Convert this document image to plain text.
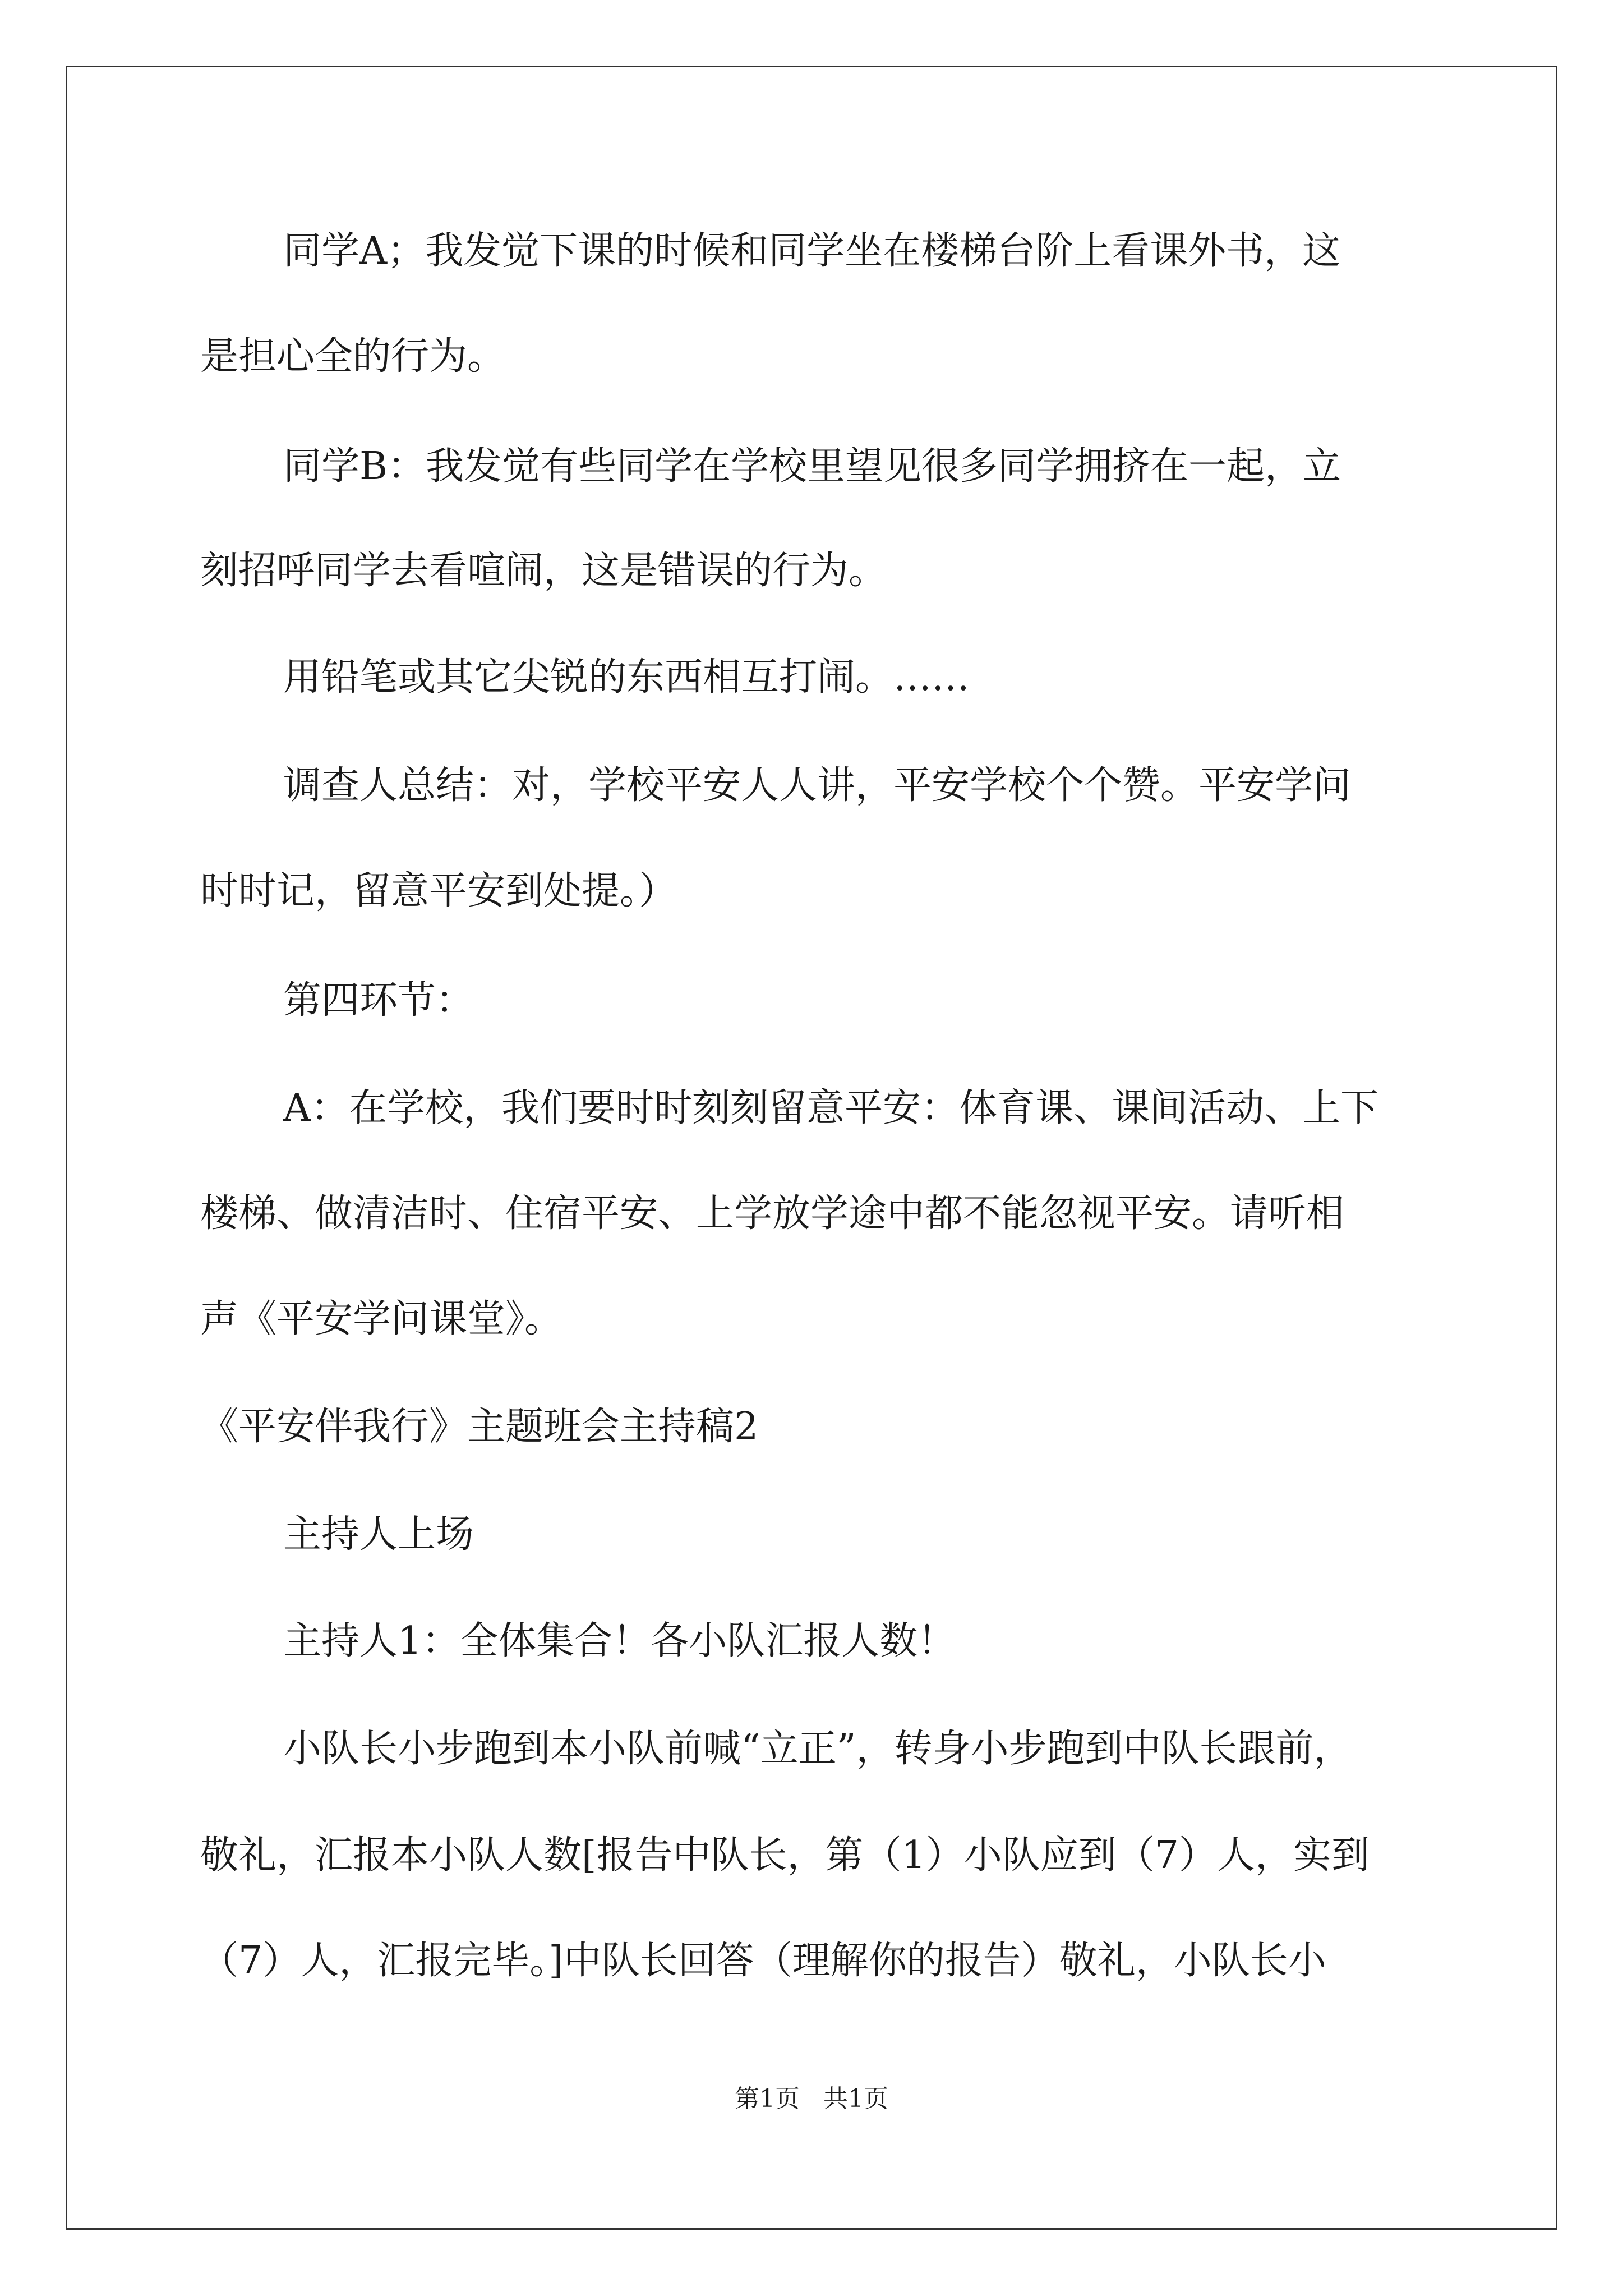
同学A；我发觉下课的时候和同学坐在楼梯台阶上看课外书，这

是担心全的行为。

同学B：我发觉有些同学在学校里望见很多同学拥挤在一起，立

刻招呼同学去看喧闹，这是错误的行为。

用铅笔或其它尖锐的东西相互打闹。……

调查人总结：对，学校平安人人讲，平安学校个个赞。平安学问

时时记，留意平安到处提。）

第四环节：

A：在学校，我们要时时刻刻留意平安：体育课、课间活动、上下

楼梯、做清洁时、住宿平安、上学放学途中都不能忽视平安。请听相

声《平安学问课堂》。

《平安伴我行》主题班会主持稿2

主持人上场

主持人1：全体集合！各小队汇报人数！

小队长小步跑到本小队前喊“立正”，转身小步跑到中队长跟前，

敬礼，汇报本小队人数[报告中队长，第（1）小队应到（7）人，实到

（7）人，汇报完毕。]中队长回答（理解你的报告）敬礼，小队长小

第1页   共1页
